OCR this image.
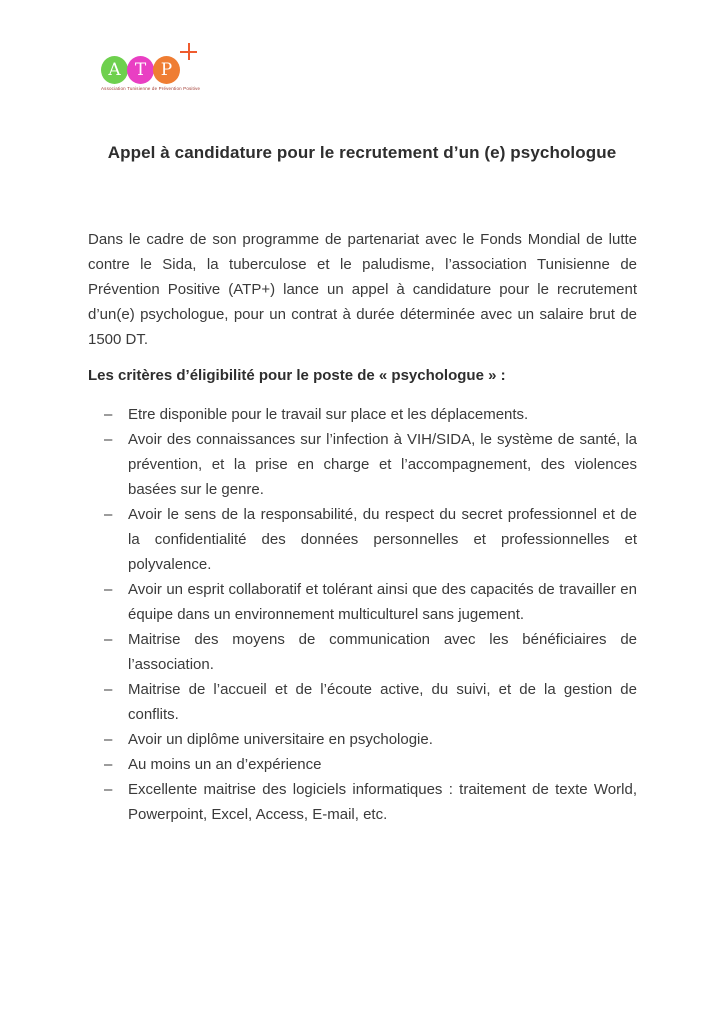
A T P
Association Tunisienne de Prévention Positive
Appel à candidature pour le recrutement d’un (e) psychologue

Dans le cadre de son programme de partenariat avec le Fonds Mondial de lutte contre le Sida, la tuberculose et le paludisme, l’association Tunisienne de Prévention Positive (ATP+) lance un appel à candidature pour le recrutement d’un(e) psychologue, pour un contrat à durée déterminée avec un salaire brut de 1500 DT.

Les critères d’éligibilité pour le poste de « psychologue » :
– Etre disponible pour le travail sur place et les déplacements.
– Avoir des connaissances sur l’infection à VIH/SIDA, le système de santé, la prévention, et la prise en charge et l’accompagnement, des violences basées sur le genre.
– Avoir le sens de la responsabilité, du respect du secret professionnel et de la confidentialité des données personnelles et professionnelles et polyvalence.
– Avoir un esprit collaboratif et tolérant ainsi que des capacités de travailler en équipe dans un environnement multiculturel sans jugement.
– Maitrise des moyens de communication avec les bénéficiaires de l’association.
– Maitrise de l’accueil et de l’écoute active, du suivi, et de la gestion de conflits.
– Avoir un diplôme universitaire en psychologie.
– Au moins un an d’expérience
– Excellente maitrise des logiciels informatiques : traitement de texte World, Powerpoint, Excel, Access, E-mail, etc.
